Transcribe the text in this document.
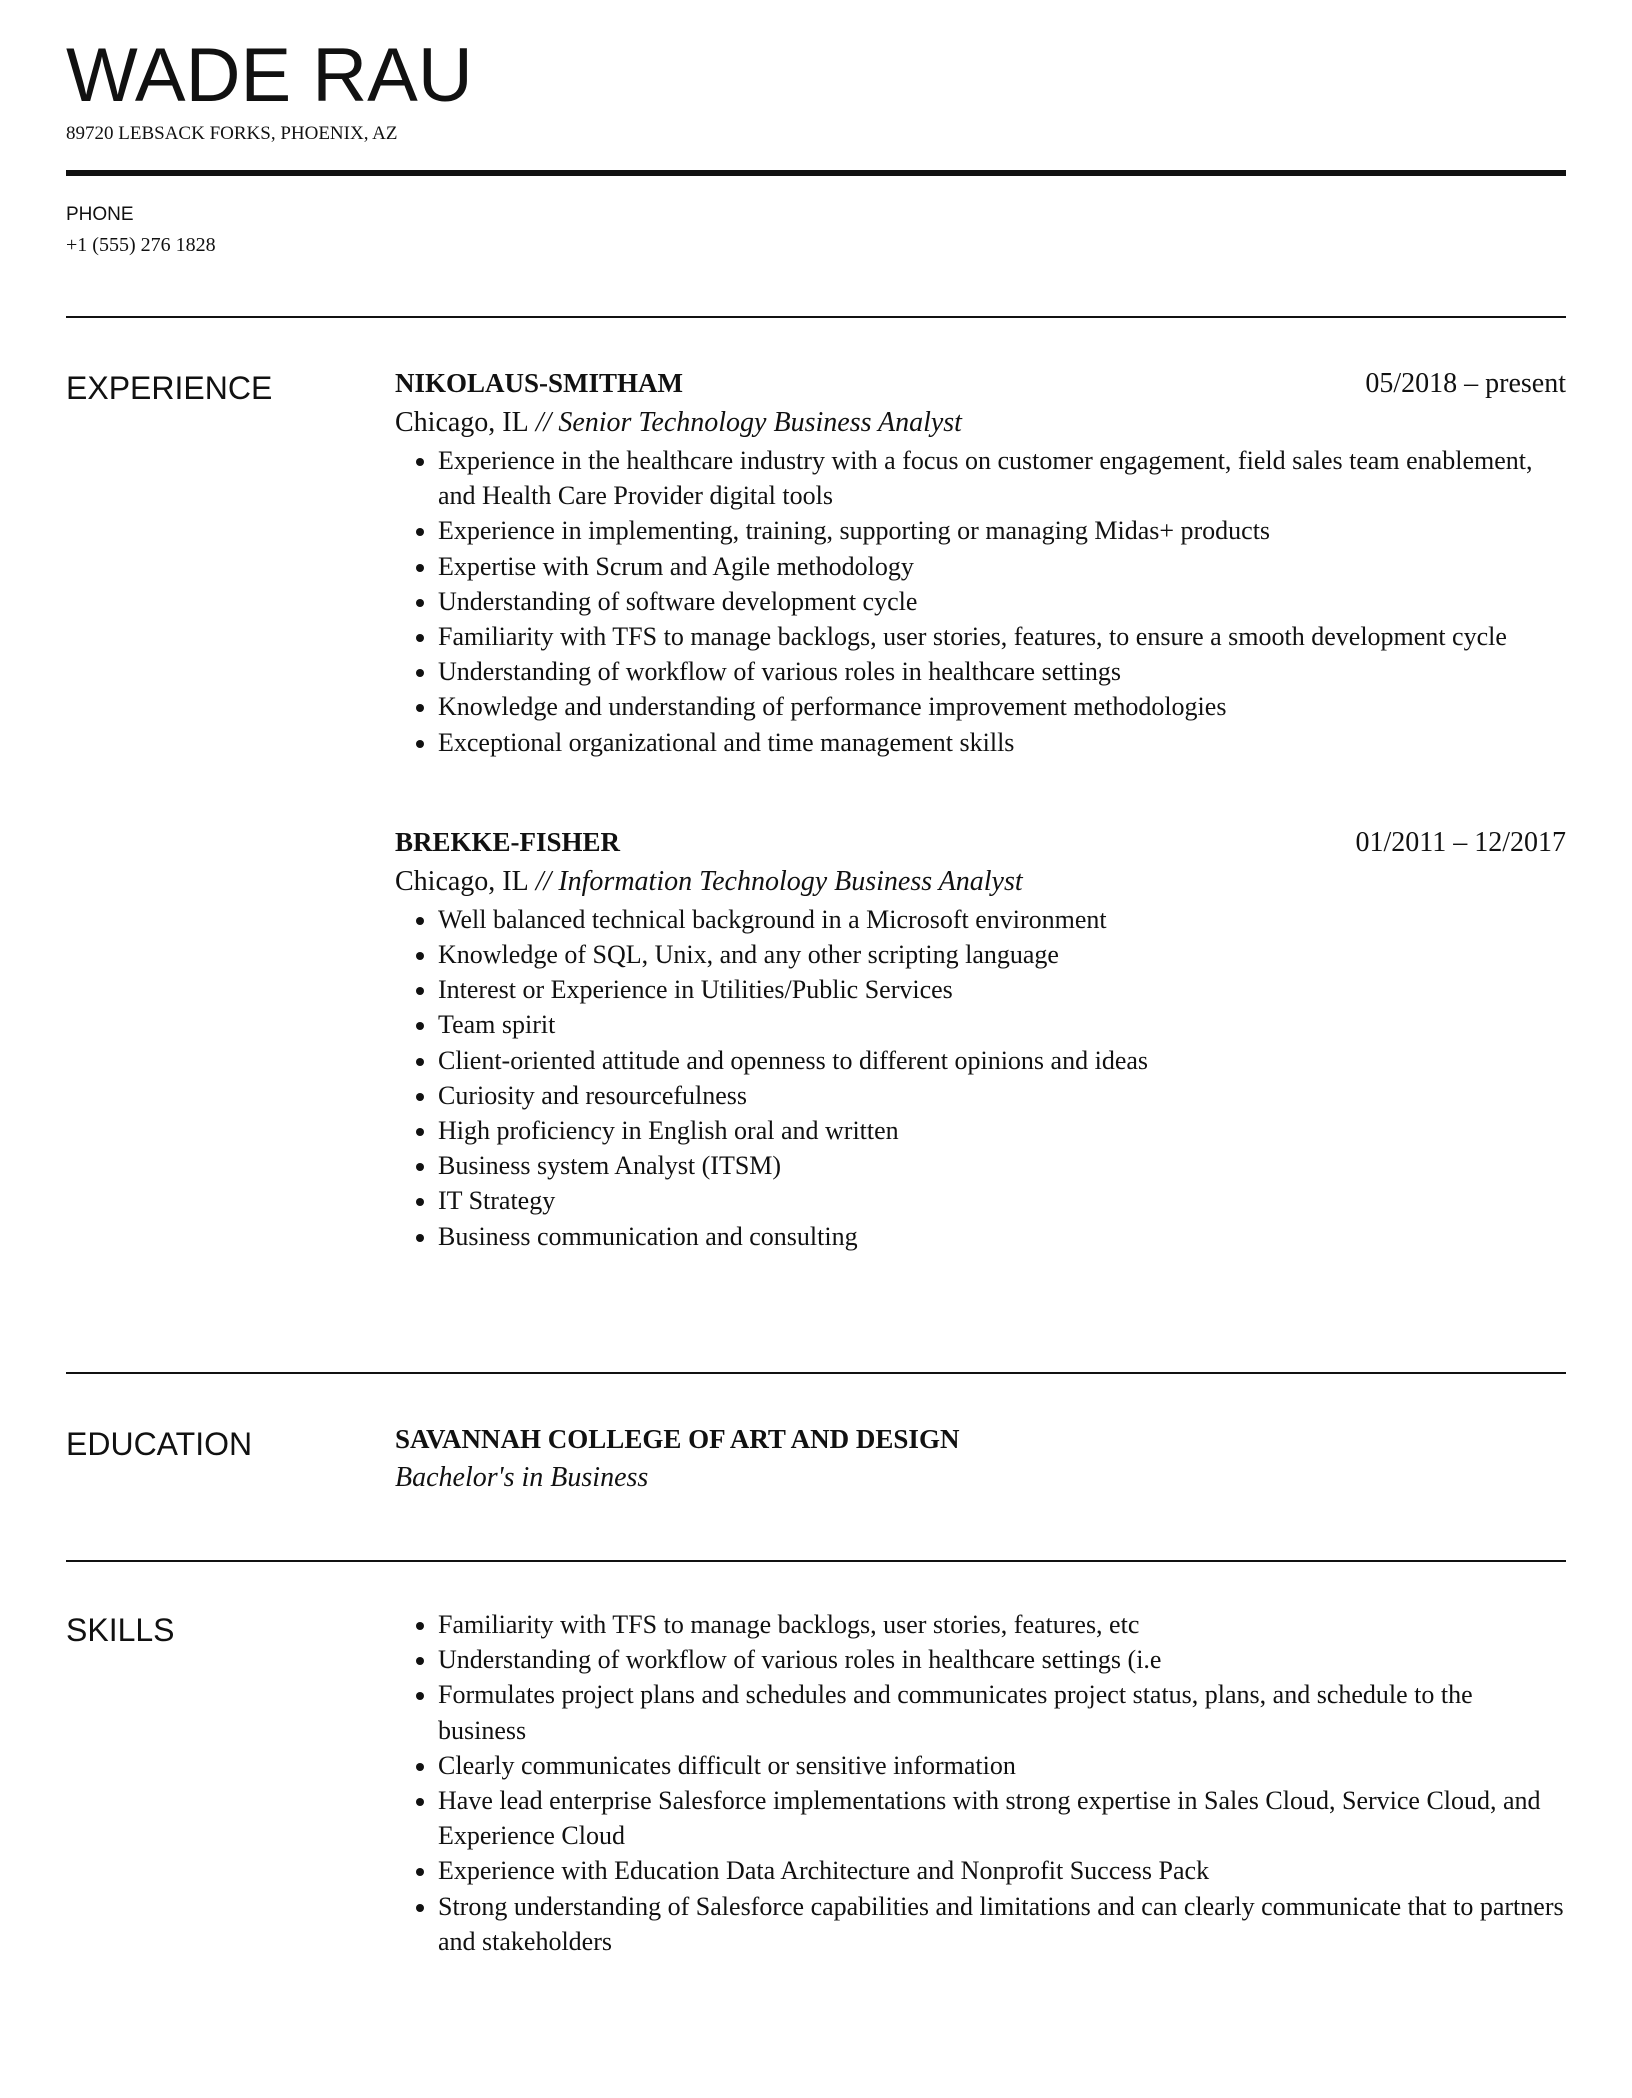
WADE RAU
89720 LEBSACK FORKS, PHOENIX, AZ
PHONE
+1 (555) 276 1828
EXPERIENCE	NIKOLAUS-SMITHAM	05/2018 – present
Chicago, IL // Senior Technology Business Analyst
• Experience in the healthcare industry with a focus on customer engagement, field sales team enablement, and Health Care Provider digital tools
• Experience in implementing, training, supporting or managing Midas+ products
• Expertise with Scrum and Agile methodology
• Understanding of software development cycle
• Familiarity with TFS to manage backlogs, user stories, features, to ensure a smooth development cycle
• Understanding of workflow of various roles in healthcare settings
• Knowledge and understanding of performance improvement methodologies
• Exceptional organizational and time management skills
BREKKE-FISHER	01/2011 – 12/2017
Chicago, IL // Information Technology Business Analyst
• Well balanced technical background in a Microsoft environment
• Knowledge of SQL, Unix, and any other scripting language
• Interest or Experience in Utilities/Public Services
• Team spirit
• Client-oriented attitude and openness to different opinions and ideas
• Curiosity and resourcefulness
• High proficiency in English oral and written
• Business system Analyst (ITSM)
• IT Strategy
• Business communication and consulting
EDUCATION	SAVANNAH COLLEGE OF ART AND DESIGN
Bachelor's in Business
SKILLS
•	Familiarity with TFS to manage backlogs, user stories, features, etc
• Understanding of workflow of various roles in healthcare settings (i.e
• Formulates project plans and schedules and communicates project status, plans, and schedule to the business
• Clearly communicates difficult or sensitive information
• Have lead enterprise Salesforce implementations with strong expertise in Sales Cloud, Service Cloud, and Experience Cloud
• Experience with Education Data Architecture and Nonprofit Success Pack
• Strong understanding of Salesforce capabilities and limitations and can clearly communicate that to partners and stakeholders
